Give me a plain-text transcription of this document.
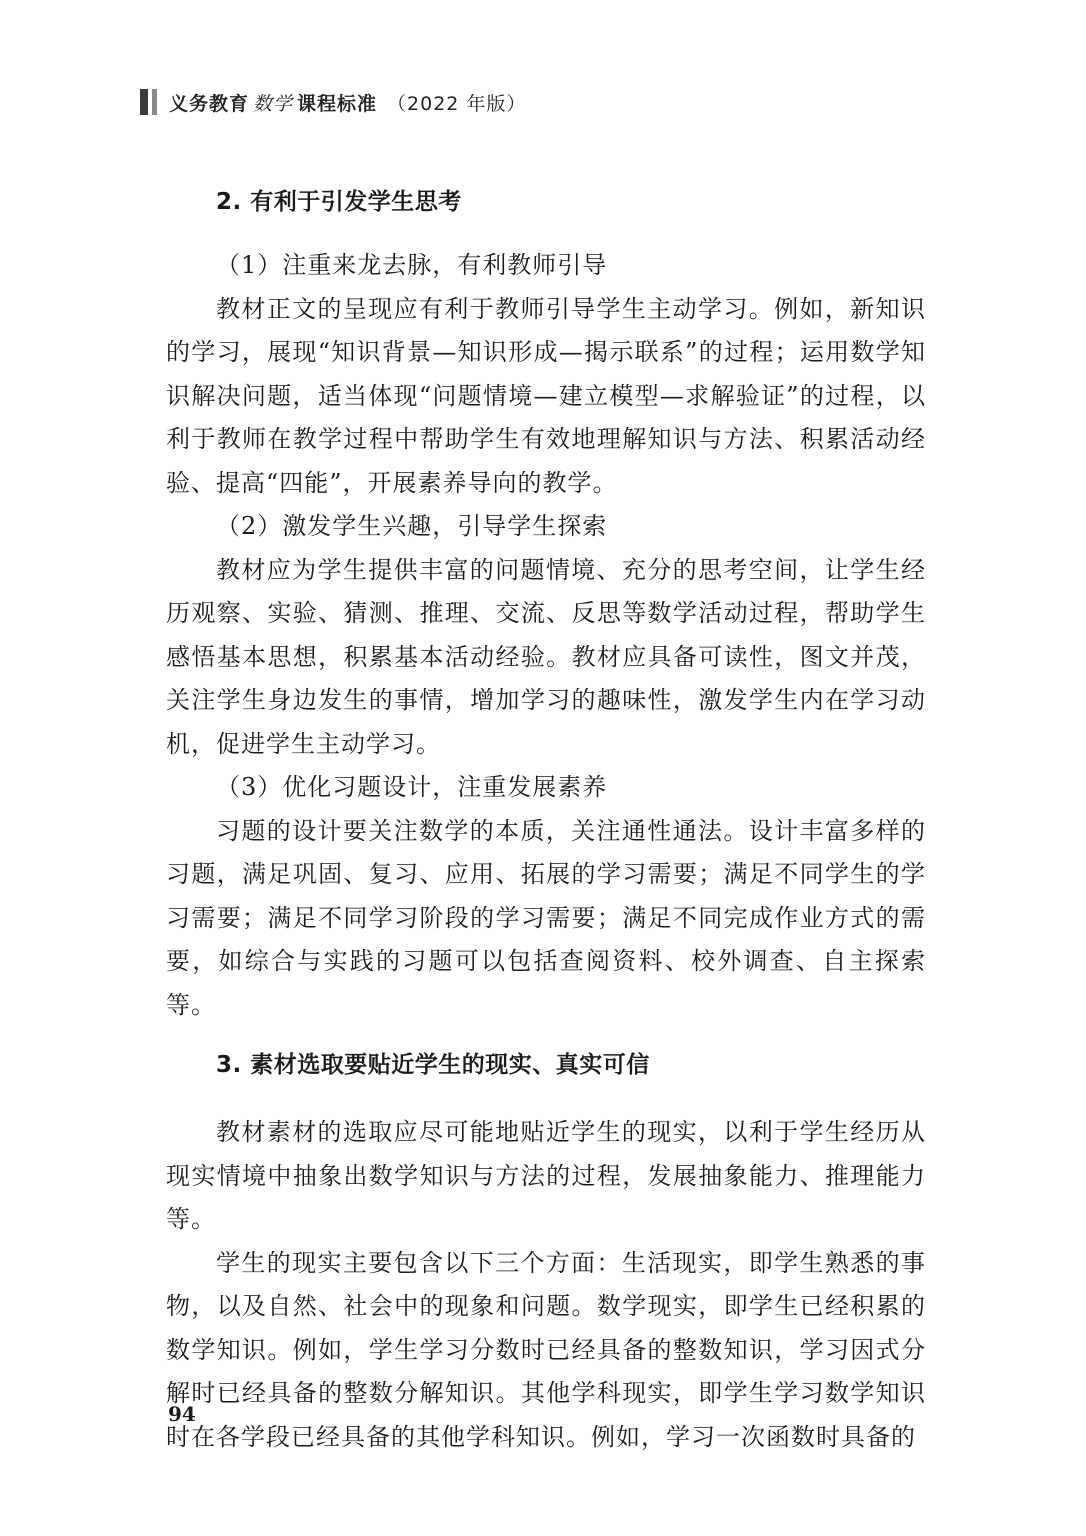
义务教育 数学 课程标准 （2022 年版）
2. 有利于引发学生思考

（1）注重来龙去脉，有利教师引导

教材正文的呈现应有利于教师引导学生主动学习。例如，新知识的学习，展现“知识背景—知识形成—揭示联系”的过程；运用数学知识解决问题，适当体现“问题情境—建立模型—求解验证”的过程，以利于教师在教学过程中帮助学生有效地理解知识与方法、积累活动经验、提高“四能”，开展素养导向的教学。

（2）激发学生兴趣，引导学生探索

教材应为学生提供丰富的问题情境、充分的思考空间，让学生经历观察、实验、猜测、推理、交流、反思等数学活动过程，帮助学生感悟基本思想，积累基本活动经验。教材应具备可读性，图文并茂，关注学生身边发生的事情，增加学习的趣味性，激发学生内在学习动机，促进学生主动学习。

（3）优化习题设计，注重发展素养

习题的设计要关注数学的本质，关注通性通法。设计丰富多样的习题，满足巩固、复习、应用、拓展的学习需要；满足不同学生的学习需要；满足不同学习阶段的学习需要；满足不同完成作业方式的需要，如综合与实践的习题可以包括查阅资料、校外调查、自主探索等。

3. 素材选取要贴近学生的现实、真实可信

教材素材的选取应尽可能地贴近学生的现实，以利于学生经历从现实情境中抽象出数学知识与方法的过程，发展抽象能力、推理能力等。

学生的现实主要包含以下三个方面：生活现实，即学生熟悉的事物，以及自然、社会中的现象和问题。数学现实，即学生已经积累的数学知识。例如，学生学习分数时已经具备的整数知识，学习因式分解时已经具备的整数分解知识。其他学科现实，即学生学习数学知识时在各学段已经具备的其他学科知识。例如，学习一次函数时具备的

94
